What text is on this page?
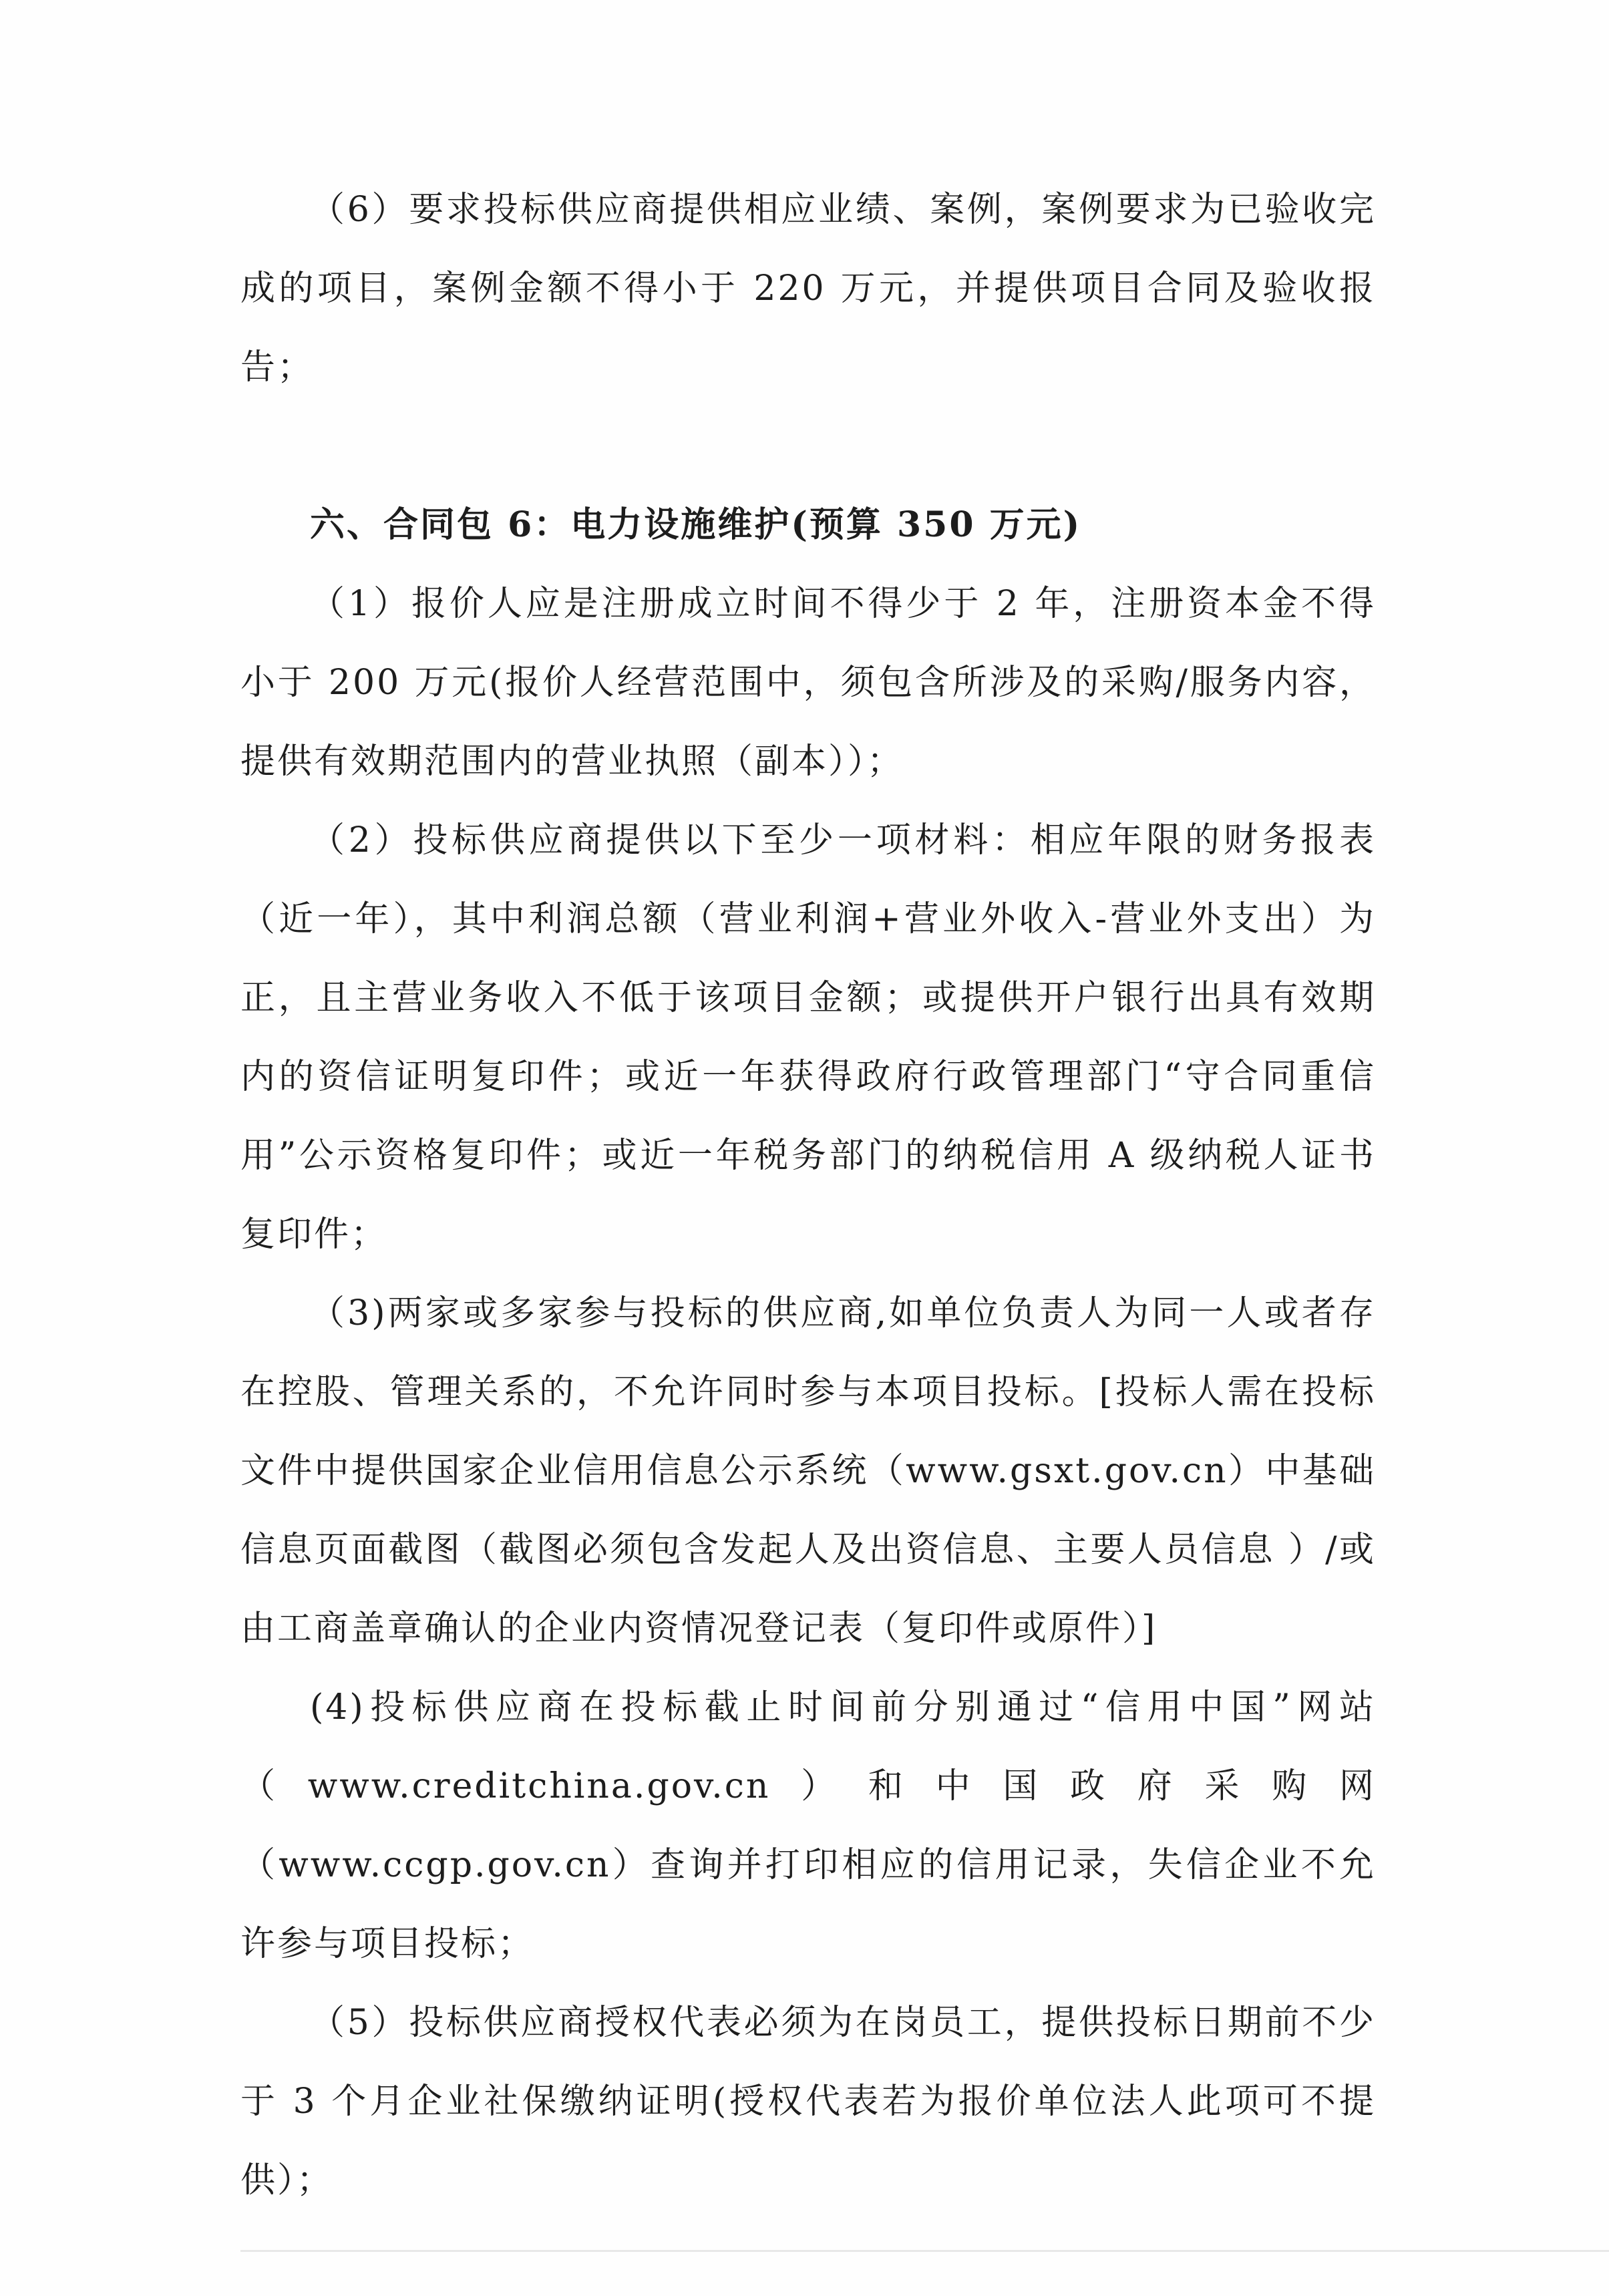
（6）要求投标供应商提供相应业绩、案例，案例要求为已验收完成的项目，案例金额不得小于 220 万元，并提供项目合同及验收报告；

六、合同包 6：电力设施维护(预算 350 万元)

（1）报价人应是注册成立时间不得少于 2 年，注册资本金不得小于 200 万元(报价人经营范围中，须包含所涉及的采购/服务内容，提供有效期范围内的营业执照（副本））；

（2）投标供应商提供以下至少一项材料：相应年限的财务报表（近一年），其中利润总额（营业利润+营业外收入-营业外支出）为正，且主营业务收入不低于该项目金额；或提供开户银行出具有效期内的资信证明复印件；或近一年获得政府行政管理部门“守合同重信用”公示资格复印件；或近一年税务部门的纳税信用 A 级纳税人证书复印件；

（3)两家或多家参与投标的供应商,如单位负责人为同一人或者存在控股、管理关系的，不允许同时参与本项目投标。[投标人需在投标文件中提供国家企业信用信息公示系统（www.gsxt.gov.cn）中基础信息页面截图（截图必须包含发起人及出资信息、主要人员信息 ）/或由工商盖章确认的企业内资情况登记表（复印件或原件）]

(4)投标供应商在投标截止时间前分别通过“信用中国”网站（www.creditchina.gov.cn）和中国政府采购网（www.ccgp.gov.cn）查询并打印相应的信用记录，失信企业不允许参与项目投标；

（5）投标供应商授权代表必须为在岗员工，提供投标日期前不少于 3 个月企业社保缴纳证明(授权代表若为报价单位法人此项可不提供）；
